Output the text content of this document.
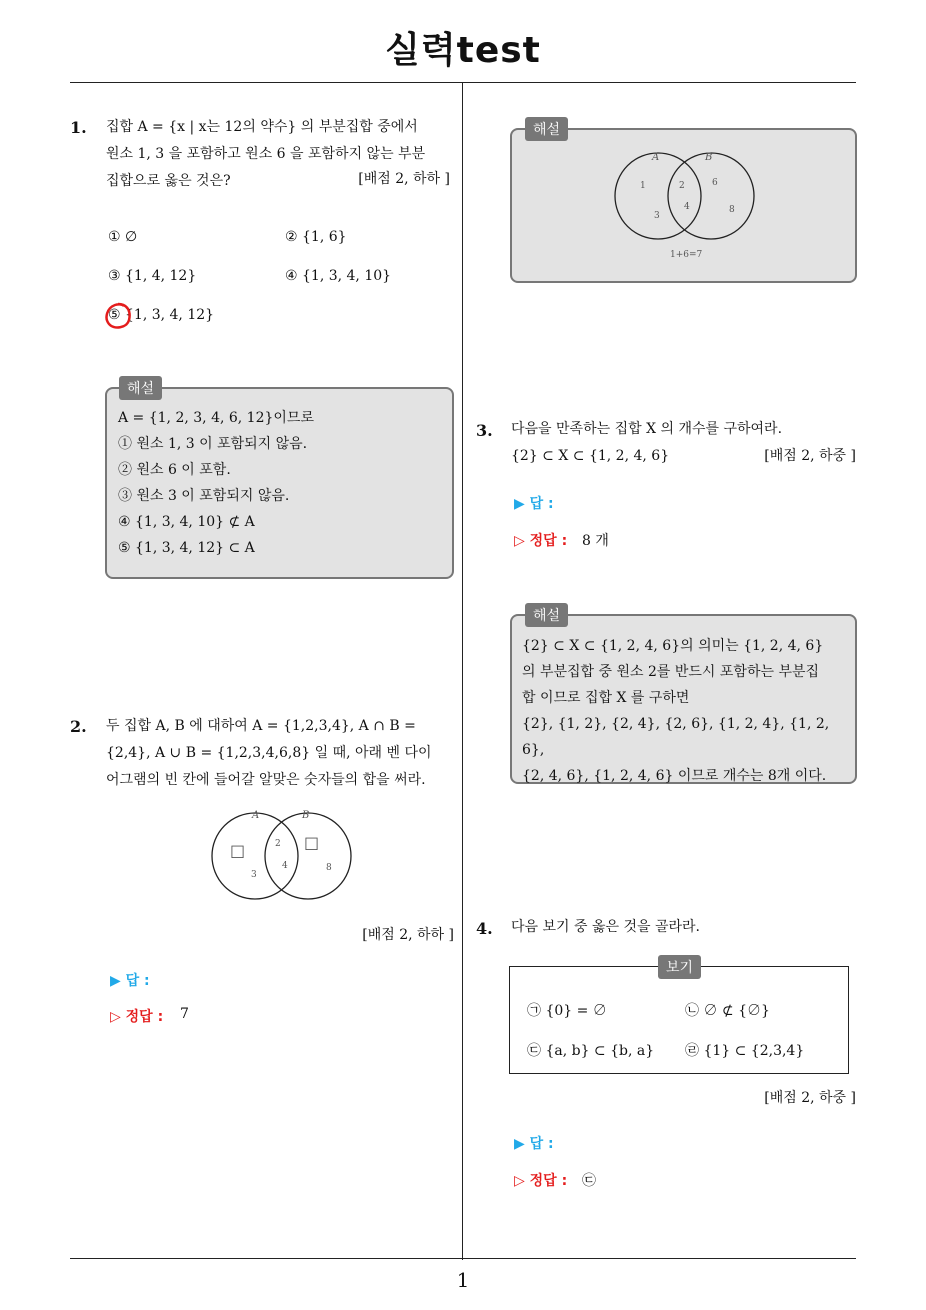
실력test
1
1. 집합 A = {x | x는 12의 약수} 의 부분집합 중에서
원소 1, 3 을 포함하고 원소 6 을 포함하지 않는 부분
집합으로 옳은 것은?	[배점 2, 하하 ]
① ∅	② {1, 6}
③ {1, 4, 12}	④ {1, 3, 4, 10}
⑤ {1, 3, 4, 12}
해설
A = {1, 2, 3, 4, 6, 12}이므로
① 원소 1, 3 이 포함되지 않음.
② 원소 6 이 포함.
③ 원소 3 이 포함되지 않음.
④ {1, 3, 4, 10} ⊄ A
⑤ {1, 3, 4, 12} ⊂ A
2. 두 집합 A, B 에 대하여 A = {1,2,3,4}, A ∩ B =
{2,4}, A ∪ B = {1,2,3,4,6,8} 일 때, 아래 벤 다이
어그램의 빈 칸에 들어갈 알맞은 숫자들의 합을 써라.
A	B
□	□
2
4
3
8
[배점 2, 하하 ]
▶ 답 :
▷ 정답 : 7
해설
A	B
1	2
3
4
6
8
1+6=7
3. 다음을 만족하는 집합 X 의 개수를 구하여라.
{2} ⊂ X ⊂ {1, 2, 4, 6}	[배점 2, 하중 ]
▶ 답 :
▷ 정답 : 8 개
해설
{2} ⊂ X ⊂ {1, 2, 4, 6}의 의미는 {1, 2, 4, 6}
의 부분집합 중 원소 2를 반드시 포함하는 부분집
합 이므로 집합 X 를 구하면
{2}, {1, 2}, {2, 4}, {2, 6}, {1, 2, 4}, {1, 2, 6},
{2, 4, 6}, {1, 2, 4, 6} 이므로 개수는 8개 이다.
4. 다음 보기 중 옳은 것을 골라라.
보기
㉠ {0} = ∅	㉡ ∅ ⊄ {∅}
㉢ {a, b} ⊂ {b, a} ㉣ {1} ⊂ {2,3,4}
[배점 2, 하중 ]
▶ 답 :
▷ 정답 : ㉢
